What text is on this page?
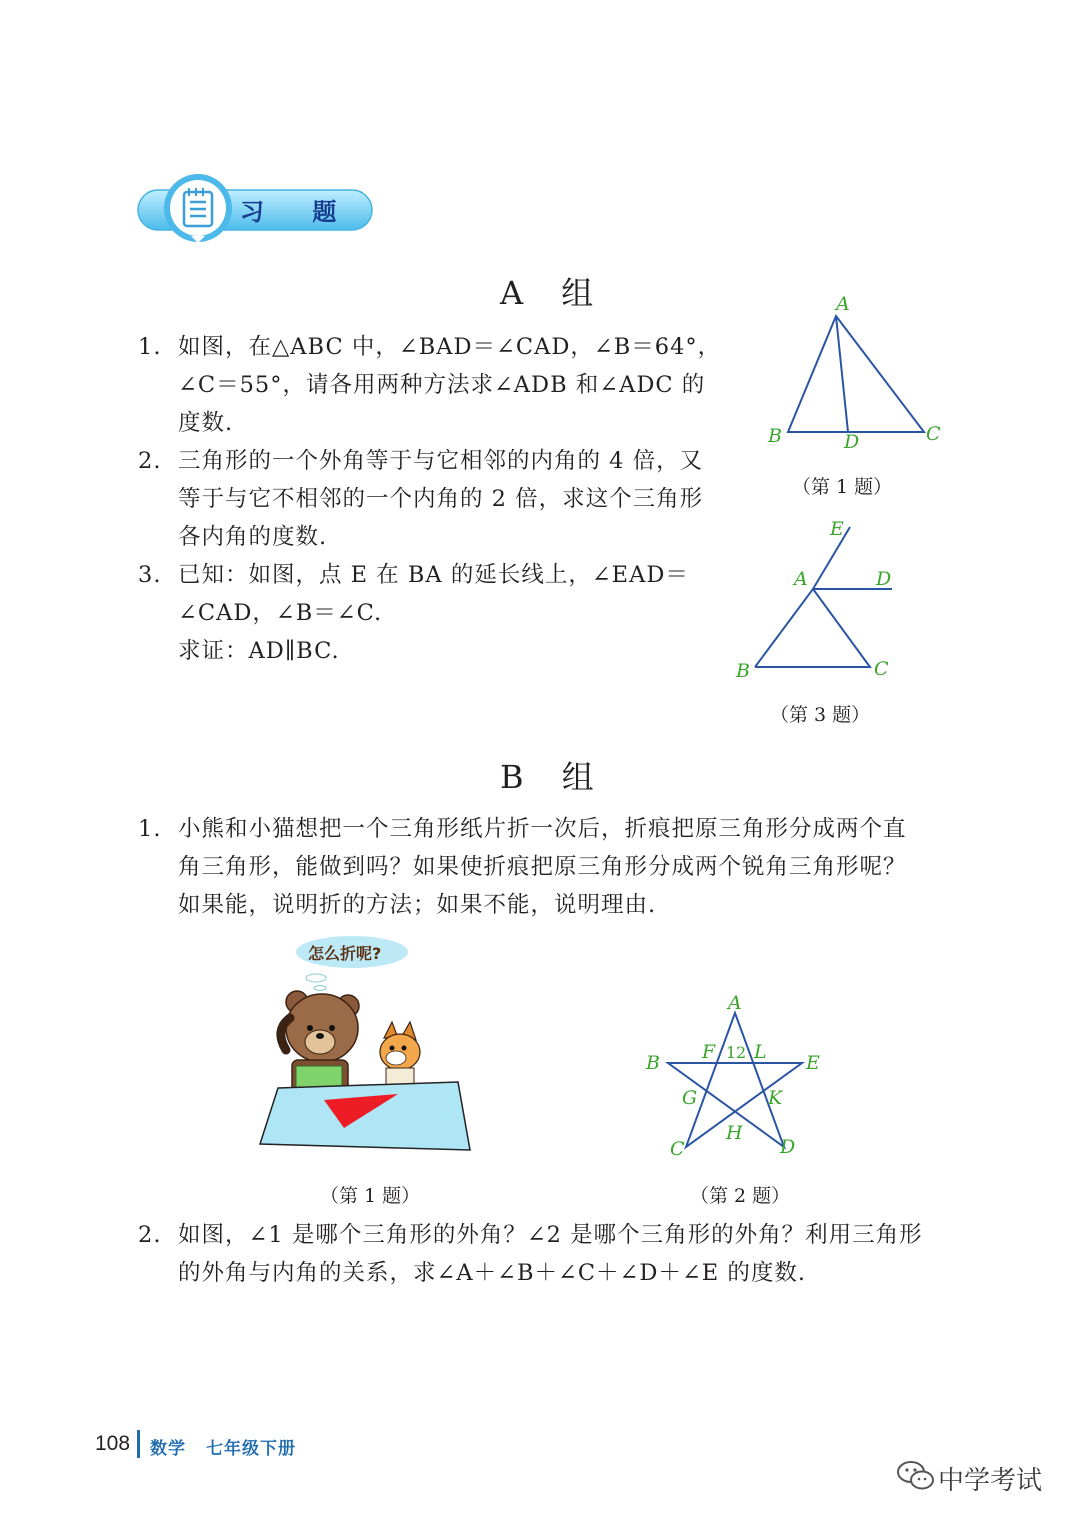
习 题
A 组
1. 如图，在△ABC 中，∠BAD＝∠CAD，∠B＝64°，
∠C＝55°，请各用两种方法求∠ADB 和∠ADC 的
度数.
2. 三角形的一个外角等于与它相邻的内角的 4 倍，又
等于与它不相邻的一个内角的 2 倍，求这个三角形
各内角的度数.
3. 已知：如图，点 E 在 BA 的延长线上，∠EAD＝
∠CAD，∠B＝∠C.
求证：AD∥BC.
A
B	D	C
（第 1 题）
E
A	D
B	C
（第 3 题）
B 组
1. 小熊和小猫想把一个三角形纸片折一次后，折痕把原三角形分成两个直
角三角形，能做到吗？如果使折痕把原三角形分成两个锐角三角形呢？
如果能，说明折的方法；如果不能，说明理由.
怎么折呢?
（第 1 题）
A
B	E
F L
1 2
G	K
H
C	D
（第 2 题）
2. 如图，∠1 是哪个三角形的外角？∠2 是哪个三角形的外角？利用三角形
的外角与内角的关系，求∠A＋∠B＋∠C＋∠D＋∠E 的度数.
108 数学 七年级下册
中学考试
